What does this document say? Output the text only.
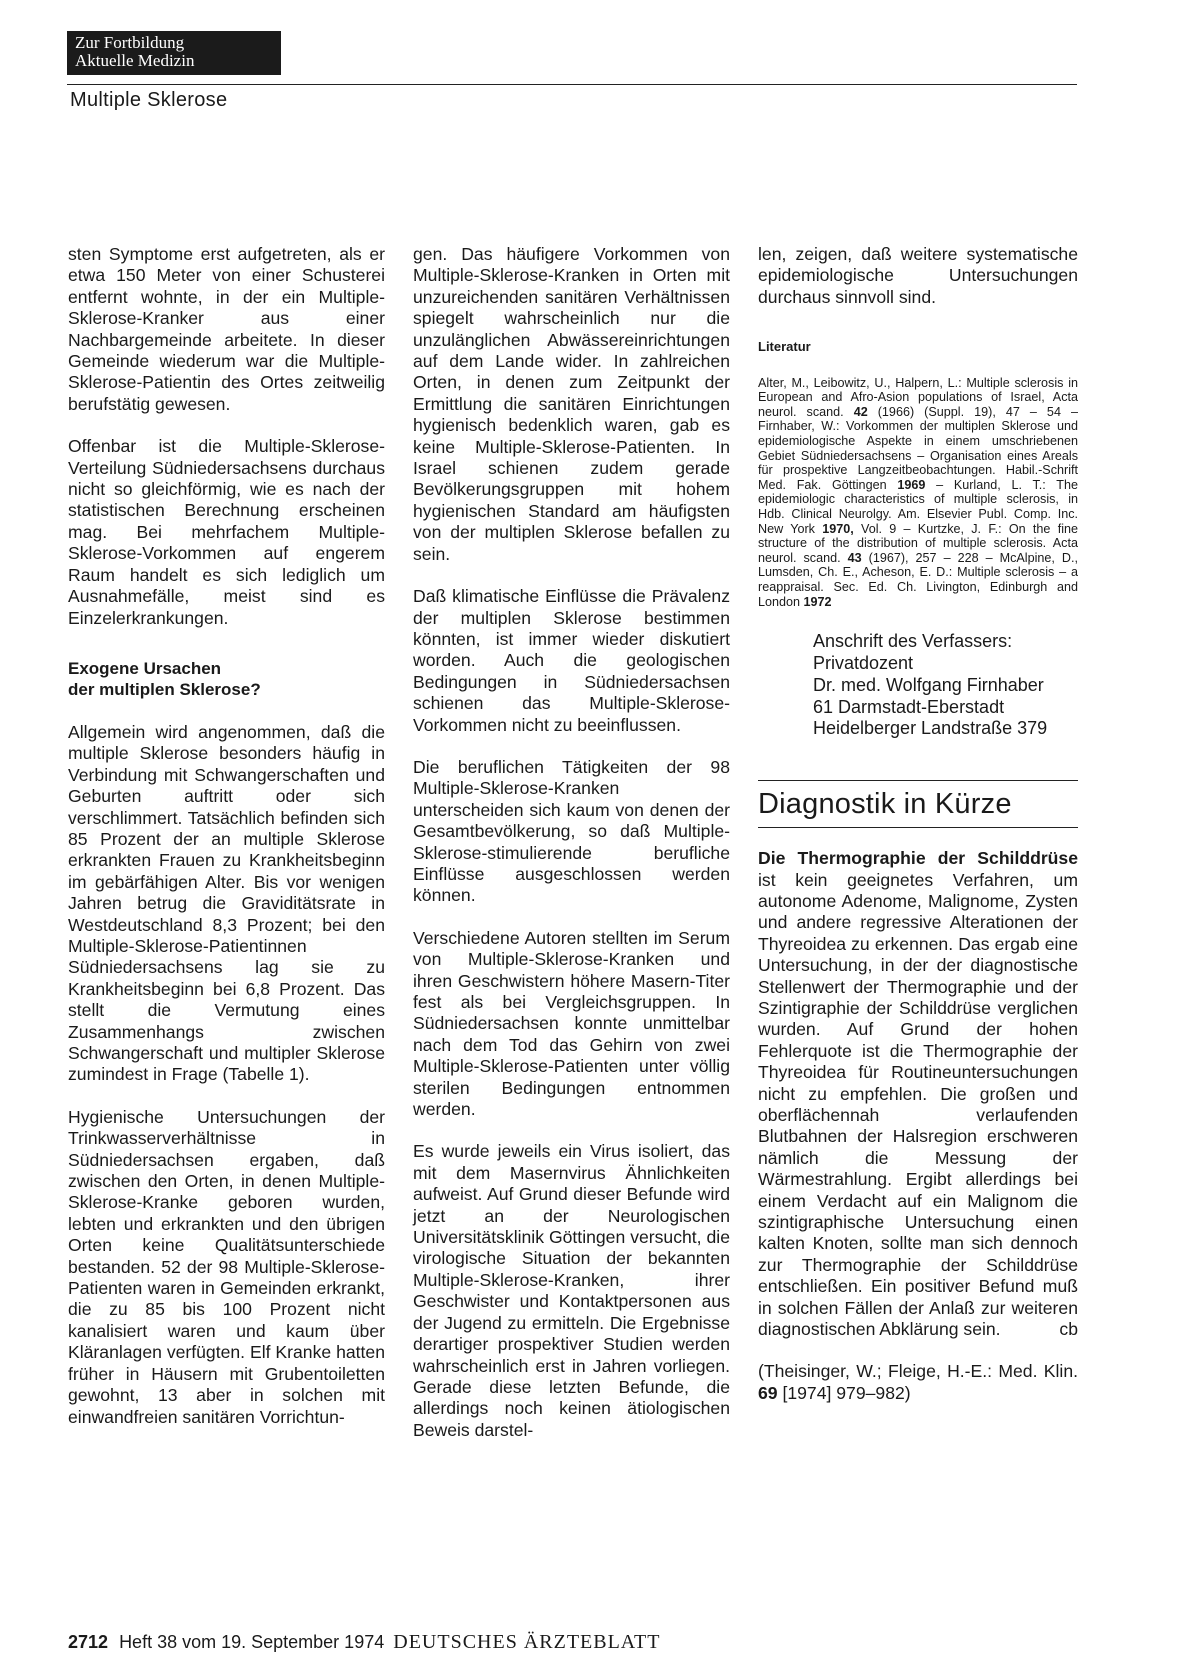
Zur Fortbildung
Aktuelle Medizin
Multiple Sklerose

sten Symptome erst aufgetreten, als er etwa 150 Meter von einer Schusterei entfernt wohnte, in der ein Multiple-Sklerose-Kranker aus einer Nachbargemeinde arbeitete. In dieser Gemeinde wiederum war die Multiple-Sklerose-Patientin des Ortes zeitweilig berufstätig gewesen.

Offenbar ist die Multiple-Sklerose-Verteilung Südniedersachsens durchaus nicht so gleichförmig, wie es nach der statistischen Berechnung erscheinen mag. Bei mehrfachem Multiple-Sklerose-Vorkommen auf engerem Raum handelt es sich lediglich um Ausnahmefälle, meist sind es Einzelerkrankungen.

Exogene Ursachen
der multiplen Sklerose?

Allgemein wird angenommen, daß die multiple Sklerose besonders häufig in Verbindung mit Schwangerschaften und Geburten auftritt oder sich verschlimmert. Tatsächlich befinden sich 85 Prozent der an multiple Sklerose erkrankten Frauen zu Krankheitsbeginn im gebärfähigen Alter. Bis vor wenigen Jahren betrug die Graviditätsrate in Westdeutschland 8,3 Prozent; bei den Multiple-Sklerose-Patientinnen Südniedersachsens lag sie zu Krankheitsbeginn bei 6,8 Prozent. Das stellt die Vermutung eines Zusammenhangs zwischen Schwangerschaft und multipler Sklerose zumindest in Frage (Tabelle 1).

Hygienische Untersuchungen der Trinkwasserverhältnisse in Südniedersachsen ergaben, daß zwischen den Orten, in denen Multiple-Sklerose-Kranke geboren wurden, lebten und erkrankten und den übrigen Orten keine Qualitätsunterschiede bestanden. 52 der 98 Multiple-Sklerose-Patienten waren in Gemeinden erkrankt, die zu 85 bis 100 Prozent nicht kanalisiert waren und kaum über Kläranlagen verfügten. Elf Kranke hatten früher in Häusern mit Grubentoiletten gewohnt, 13 aber in solchen mit einwandfreien sanitären Vorrichtun-

gen. Das häufigere Vorkommen von Multiple-Sklerose-Kranken in Orten mit unzureichenden sanitären Verhältnissen spiegelt wahrscheinlich nur die unzulänglichen Abwässereinrichtungen auf dem Lande wider. In zahlreichen Orten, in denen zum Zeitpunkt der Ermittlung die sanitären Einrichtungen hygienisch bedenklich waren, gab es keine Multiple-Sklerose-Patienten. In Israel schienen zudem gerade Bevölkerungsgruppen mit hohem hygienischen Standard am häufigsten von der multiplen Sklerose befallen zu sein.

Daß klimatische Einflüsse die Prävalenz der multiplen Sklerose bestimmen könnten, ist immer wieder diskutiert worden. Auch die geologischen Bedingungen in Südniedersachsen schienen das Multiple-Sklerose-Vorkommen nicht zu beeinflussen.

Die beruflichen Tätigkeiten der 98 Multiple-Sklerose-Kranken unterscheiden sich kaum von denen der Gesamtbevölkerung, so daß Multiple-Sklerose-stimulierende berufliche Einflüsse ausgeschlossen werden können.

Verschiedene Autoren stellten im Serum von Multiple-Sklerose-Kranken und ihren Geschwistern höhere Masern-Titer fest als bei Vergleichsgruppen. In Südniedersachsen konnte unmittelbar nach dem Tod das Gehirn von zwei Multiple-Sklerose-Patienten unter völlig sterilen Bedingungen entnommen werden.

Es wurde jeweils ein Virus isoliert, das mit dem Masernvirus Ähnlichkeiten aufweist. Auf Grund dieser Befunde wird jetzt an der Neurologischen Universitätsklinik Göttingen versucht, die virologische Situation der bekannten Multiple-Sklerose-Kranken, ihrer Geschwister und Kontaktpersonen aus der Jugend zu ermitteln. Die Ergebnisse derartiger prospektiver Studien werden wahrscheinlich erst in Jahren vorliegen. Gerade diese letzten Befunde, die allerdings noch keinen ätiologischen Beweis darstel-

len, zeigen, daß weitere systematische epidemiologische Untersuchungen durchaus sinnvoll sind.

Literatur
Alter, M., Leibowitz, U., Halpern, L.: Multiple sclerosis in European and Afro-Asion populations of Israel, Acta neurol. scand. 42 (1966) (Suppl. 19), 47 – 54 – Firnhaber, W.: Vorkommen der multiplen Sklerose und epidemiologische Aspekte in einem umschriebenen Gebiet Südniedersachsens – Organisation eines Areals für prospektive Langzeitbeobachtungen. Habil.-Schrift Med. Fak. Göttingen 1969 – Kurland, L. T.: The epidemiologic characteristics of multiple sclerosis, in Hdb. Clinical Neurolgy. Am. Elsevier Publ. Comp. Inc. New York 1970, Vol. 9 – Kurtzke, J. F.: On the fine structure of the distribution of multiple sclerosis. Acta neurol. scand. 43 (1967), 257 – 228 – McAlpine, D., Lumsden, Ch. E., Acheson, E. D.: Multiple sclerosis – a reappraisal. Sec. Ed. Ch. Livington, Edinburgh and London 1972
Anschrift des Verfassers:
Privatdozent
Dr. med. Wolfgang Firnhaber
61 Darmstadt-Eberstadt
Heidelberger Landstraße 379
Diagnostik in Kürze

Die Thermographie der Schilddrüse ist kein geeignetes Verfahren, um autonome Adenome, Malignome, Zysten und andere regressive Alterationen der Thyreoidea zu erkennen. Das ergab eine Untersuchung, in der der diagnostische Stellenwert der Thermographie und der Szintigraphie der Schilddrüse verglichen wurden. Auf Grund der hohen Fehlerquote ist die Thermographie der Thyreoidea für Routineuntersuchungen nicht zu empfehlen. Die großen und oberflächennah verlaufenden Blutbahnen der Halsregion erschweren nämlich die Messung der Wärmestrahlung. Ergibt allerdings bei einem Verdacht auf ein Malignom die szintigraphische Untersuchung einen kalten Knoten, sollte man sich dennoch zur Thermographie der Schilddrüse entschließen. Ein positiver Befund muß in solchen Fällen der Anlaß zur weiteren diagnostischen Abklärung sein.	cb

(Theisinger, W.; Fleige, H.-E.: Med. Klin. 69 [1974] 979–982)

2712 Heft 38 vom 19. September 1974 DEUTSCHES ÄRZTEBLATT
